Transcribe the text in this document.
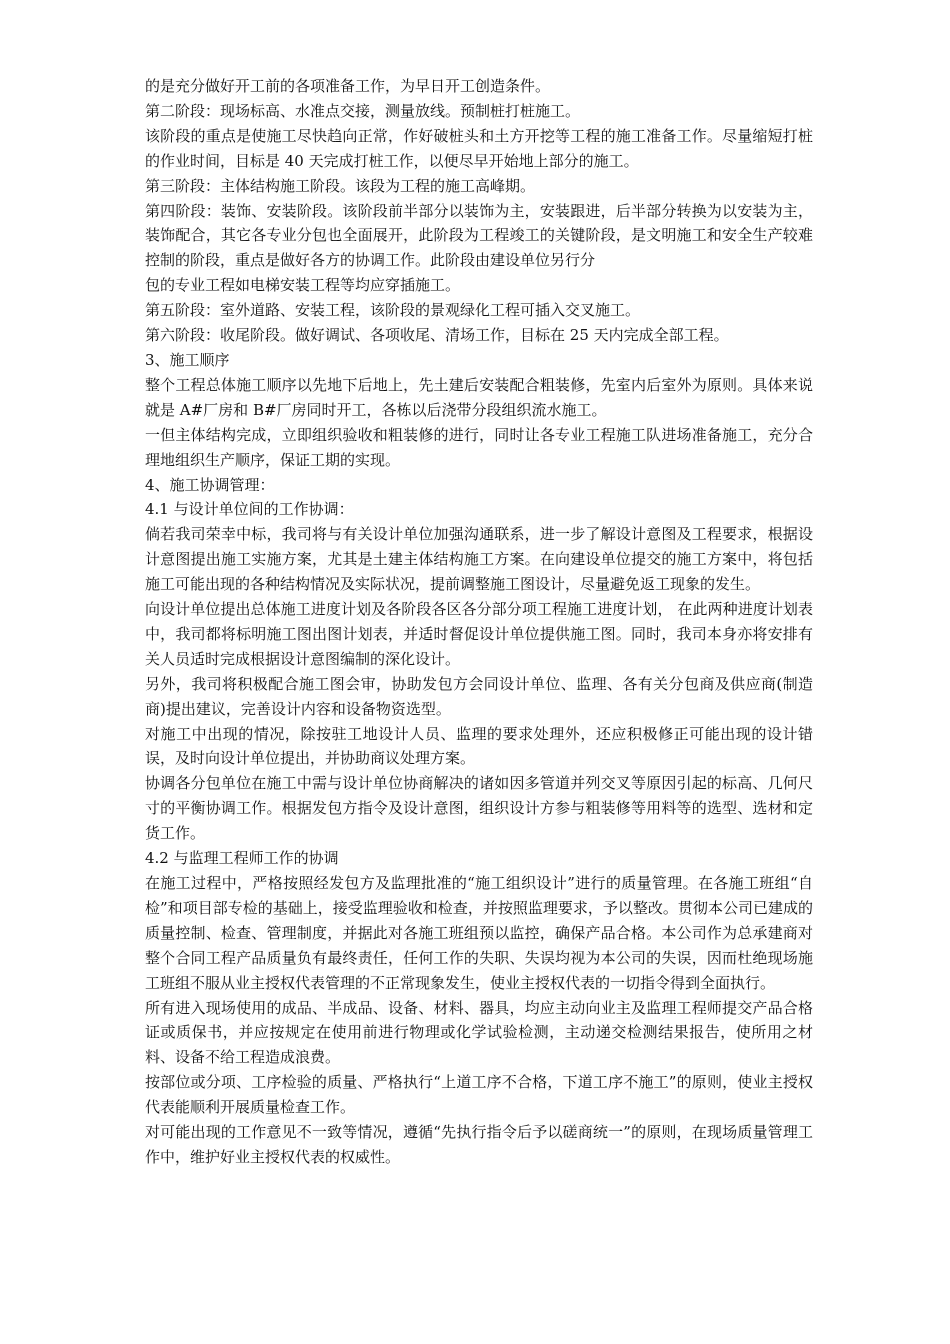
的是充分做好开工前的各项准备工作，为早日开工创造条件。

第二阶段：现场标高、水准点交接，测量放线。预制桩打桩施工。

该阶段的重点是使施工尽快趋向正常，作好破桩头和土方开挖等工程的施工准备工作。尽量缩短打桩的作业时间，目标是 40 天完成打桩工作，以便尽早开始地上部分的施工。

第三阶段：主体结构施工阶段。该段为工程的施工高峰期。

第四阶段：装饰、安装阶段。该阶段前半部分以装饰为主，安装跟进，后半部分转换为以安装为主，装饰配合，其它各专业分包也全面展开，此阶段为工程竣工的关键阶段，是文明施工和安全生产较难控制的阶段，重点是做好各方的协调工作。此阶段由建设单位另行分

包的专业工程如电梯安装工程等均应穿插施工。

第五阶段：室外道路、安装工程，该阶段的景观绿化工程可插入交叉施工。

第六阶段：收尾阶段。做好调试、各项收尾、清场工作，目标在 25 天内完成全部工程。

3、施工顺序

整个工程总体施工顺序以先地下后地上，先土建后安装配合粗装修，先室内后室外为原则。具体来说就是 A#厂房和 B#厂房同时开工，各栋以后浇带分段组织流水施工。

一但主体结构完成，立即组织验收和粗装修的进行，同时让各专业工程施工队进场准备施工，充分合理地组织生产顺序，保证工期的实现。

4、施工协调管理：

4.1 与设计单位间的工作协调：

倘若我司荣幸中标，我司将与有关设计单位加强沟通联系，进一步了解设计意图及工程要求，根据设计意图提出施工实施方案，尤其是土建主体结构施工方案。在向建设单位提交的施工方案中，将包括施工可能出现的各种结构情况及实际状况，提前调整施工图设计，尽量避免返工现象的发生。

向设计单位提出总体施工进度计划及各阶段各区各分部分项工程施工进度计划， 在此两种进度计划表中，我司都将标明施工图出图计划表，并适时督促设计单位提供施工图。同时，我司本身亦将安排有关人员适时完成根据设计意图编制的深化设计。

另外，我司将积极配合施工图会审，协助发包方会同设计单位、监理、各有关分包商及供应商(制造商)提出建议，完善设计内容和设备物资选型。

对施工中出现的情况，除按驻工地设计人员、监理的要求处理外，还应积极修正可能出现的设计错误，及时向设计单位提出，并协助商议处理方案。

协调各分包单位在施工中需与设计单位协商解决的诸如因多管道并列交叉等原因引起的标高、几何尺寸的平衡协调工作。根据发包方指令及设计意图，组织设计方参与粗装修等用料等的选型、选材和定货工作。

4.2 与监理工程师工作的协调

在施工过程中，严格按照经发包方及监理批准的“施工组织设计”进行的质量管理。在各施工班组“自检”和项目部专检的基础上，接受监理验收和检查，并按照监理要求，予以整改。贯彻本公司已建成的质量控制、检查、管理制度，并据此对各施工班组预以监控，确保产品合格。本公司作为总承建商对整个合同工程产品质量负有最终责任，任何工作的失职、失误均视为本公司的失误，因而杜绝现场施工班组不服从业主授权代表管理的不正常现象发生，使业主授权代表的一切指令得到全面执行。

所有进入现场使用的成品、半成品、设备、材料、器具，均应主动向业主及监理工程师提交产品合格证或质保书，并应按规定在使用前进行物理或化学试验检测，主动递交检测结果报告，使所用之材料、设备不给工程造成浪费。

按部位或分项、工序检验的质量、严格执行“上道工序不合格，下道工序不施工”的原则，使业主授权代表能顺利开展质量检查工作。

对可能出现的工作意见不一致等情况，遵循“先执行指令后予以磋商统一”的原则，在现场质量管理工作中，维护好业主授权代表的权威性。
